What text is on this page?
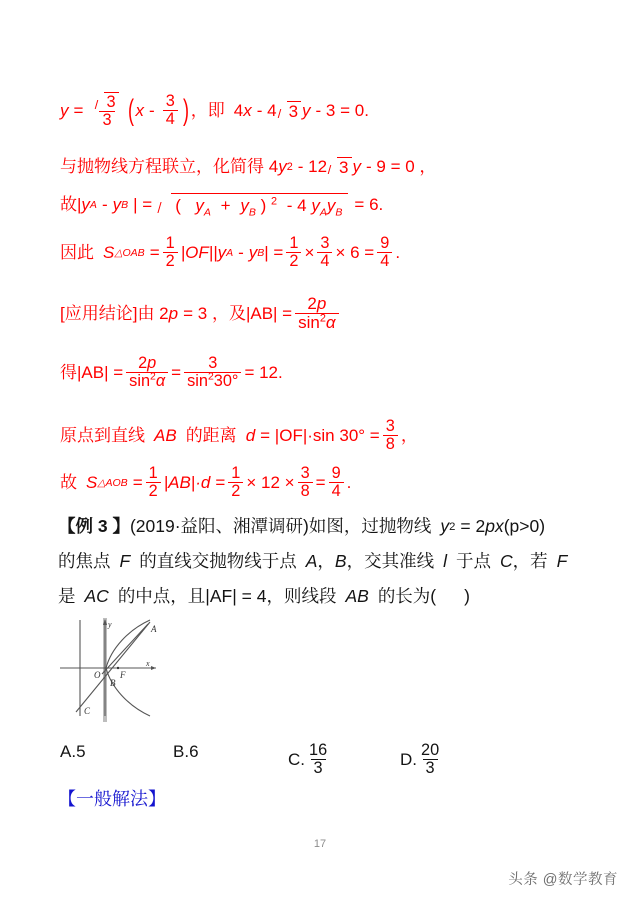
$y = \frac{3}{3}$ ( x - $\frac{3}{4}$ ) ， 即 4 x - 4 3 y - 3 = 0.
与抛物线方程联立，化简得 4 y 2 - 12 3 y - 9 = 0 ，
故| y A - y B | = ( $y_A + y_B$ ) $^2$ - 4 $y_Ay_B = 6$.
因此 S △OAB = $\frac{1}{2} |OF||$ y A - y B | = $\frac{1}{2} \times \frac{3}{4} \times 6 = \frac{9}{4}$ .
[应用结论] 由 2 p = 3 ，及$|AB| = \frac{2p}{\sin^2\alpha}$
得$|AB| = \frac{2p}{\sin^2\alpha} = \frac{3}{\sin^230^\circ} = 12$.
原点到直线 AB 的距离 d = |OF|·sin $30^\circ = \frac{3}{8}$ ，
故 S △AOB = $\frac{1}{2} |AB|\cdot d = \frac{1}{2} \times 12 \times \frac{3}{8} = \frac{9}{4}$ .
【例 3 】 (2019·益阳、湘潭调研) 如图，过抛物线 y 2 = 2 p x (p>0)
的焦点 F 的直线交抛物线于点 A ， B ，交其准线 l 于点 C ，若 F
是 AC 的中点，且|AF| = 4，则线段 AB 的长为( )
O F
A
B
C
y
x
A. 5	B. 6	C. $\frac{16}{3}$	D. $\frac{20}{3}$
【一般解法】
17
头条 @数学教育
